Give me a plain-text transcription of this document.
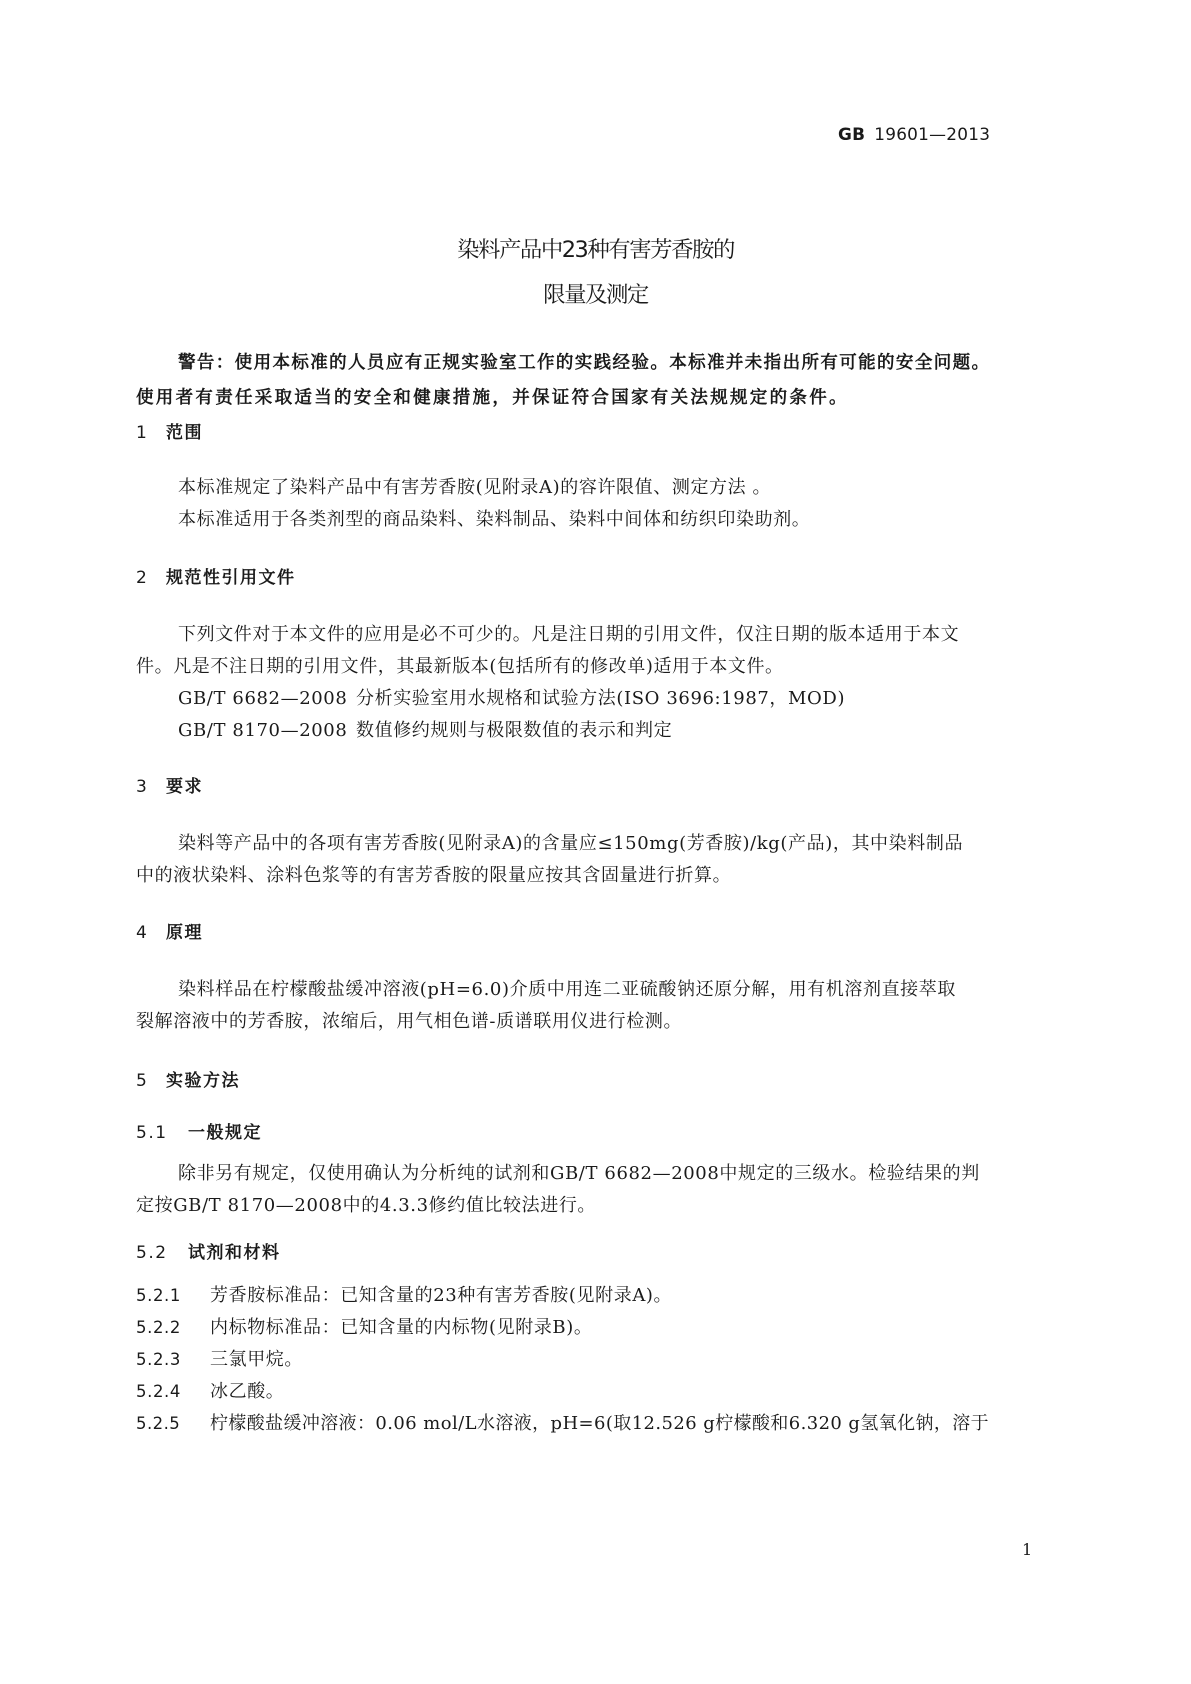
GB 19601—2013
染料产品中23种有害芳香胺的
限量及测定
警告：使用本标准的人员应有正规实验室工作的实践经验。本标准并未指出所有可能的安全问题。
使用者有责任采取适当的安全和健康措施，并保证符合国家有关法规规定的条件。
1 范围
本标准规定了染料产品中有害芳香胺(见附录A)的容许限值、测定方法 。
本标准适用于各类剂型的商品染料、染料制品、染料中间体和纺织印染助剂。
2 规范性引用文件
下列文件对于本文件的应用是必不可少的。凡是注日期的引用文件，仅注日期的版本适用于本文
件。凡是不注日期的引用文件，其最新版本(包括所有的修改单)适用于本文件。
GB/T 6682—2008 分析实验室用水规格和试验方法(ISO 3696:1987，MOD)
GB/T 8170—2008 数值修约规则与极限数值的表示和判定
3 要求
染料等产品中的各项有害芳香胺(见附录A)的含量应≤150mg(芳香胺)/kg(产品)，其中染料制品
中的液状染料、涂料色浆等的有害芳香胺的限量应按其含固量进行折算。
4 原理
染料样品在柠檬酸盐缓冲溶液(pH=6.0)介质中用连二亚硫酸钠还原分解，用有机溶剂直接萃取
裂解溶液中的芳香胺，浓缩后，用气相色谱-质谱联用仪进行检测。
5 实验方法
5.1 一般规定
除非另有规定，仅使用确认为分析纯的试剂和GB/T 6682—2008中规定的三级水。检验结果的判
定按GB/T 8170—2008中的4.3.3修约值比较法进行。
5.2 试剂和材料
5.2.1 芳香胺标准品：已知含量的23种有害芳香胺(见附录A)。
5.2.2 内标物标准品：已知含量的内标物(见附录B)。
5.2.3 三氯甲烷。
5.2.4 冰乙酸。
5.2.5 柠檬酸盐缓冲溶液：0.06 mol/L水溶液，pH=6(取12.526 g柠檬酸和6.320 g氢氧化钠，溶于
1
